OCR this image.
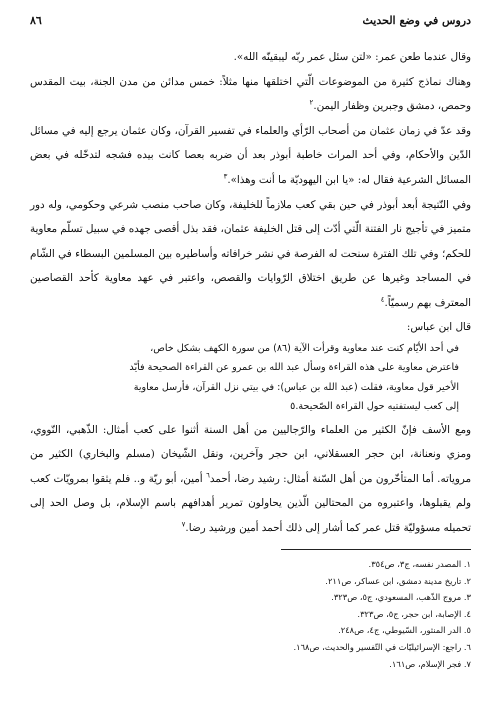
دروس في وضع الحديث
٨٦

وقال عندما طعن عمر: «لتن سئل عمر ربّه ليبقينّه الله».

وهناك نماذج كثيرة من الموضوعات الّتي اختلقها منها مثلاً: خمس مدائن من مدن الجنة، بيت المقدس وحمص، دمشق وجبرين وظفار اليمن.$^٢$

وقد عدّ في زمان عثمان من أصحاب الرّأي والعلماء في تفسير القرآن، وكان عثمان يرجع إليه في مسائل الدّين والأحكام، وفي أحد المرات خاطبة أبوذر بعد أن ضربه بعصا كانت بيده فشجه لتدخّله في بعض المسائل الشرعية فقال له: «يا ابن اليهوديّة ما أنت وهذا».$^٣$

وفي النّتيجة أبعد أبوذر في حين بقي كعب ملازماً للخليفة، وكان صاحب منصب شرعي وحكومي، وله دور متميز في تأجيج نار الفتنة الّتي أدّت إلى قتل الخليفة عثمان، فقد بذل أقصى جهده في سبيل تسلّم معاوية للحكم؛ وفي تلك الفترة سنحت له الفرصة في نشر خرافاته وأساطيره بين المسلمين البسطاء في الشّام في المساجد وغيرها عن طريق اختلاق الرّوايات والقصص، واعتبر في عهد معاوية كأحد القصاصين المعترف بهم رسميّاً.$^٤$

قال ابن عباس:
في أحد الأيّام كنت عند معاوية وقرأت الآية (٨٦) من سورة الكهف بشكل خاص،
فاعترض معاوية على هذه القراءة وسأل عبد الله بن عمرو عن القراءة الصحيحة فأيّد
الأخير قول معاوية، فقلت (عبد الله بن عباس): في بيتي نزل القرآن، فأرسل معاوية
إلى كعب ليستفتيه حول القراءة الصّحيحة.٥

ومع الأسف فإنّ الكثير من العلماء والرّجاليين من أهل السنة أثنوا على كعب أمثال: الذّهبي، النّووي، ومزي ونعنانة، ابن حجر العسقلاني، ابن حجر وآخرين، ونقل الشّيخان (مسلم والبخاري) الكثير من مروياته. أما المتأخّرون من أهل السّنة أمثال: رشيد رضا، أحمد$^٦$ أمين، أبو ريّة و.. فلم يثقوا بمرويّات كعب ولم يقبلوها، واعتبروه من المحتالين الّذين يحاولون تمرير أهدافهم باسم الإسلام، بل وصل الحد إلى تحميله مسؤوليّة قتل عمر كما أشار إلى ذلك أحمد أمين ورشيد رضا.$^٧$

١. المصدر نفسه، ج٣، ص٣٥٤.
٢. تاريخ مدينة دمشق، ابن عساكر، ص٢١١.
٣. مروج الذّهب، المسعودي، ج٥، ص٣٢٣.
٤. الإصابة، ابن حجر، ج٥، ص٣٢٣.
٥. الدر المنثور، السّيوطي، ج٤، ص٢٤٨.
٦. راجع: الإسرائيليّات في التّفسير والحديث، ص١٦٨.
٧. فجر الإسلام، ص١٦١.
